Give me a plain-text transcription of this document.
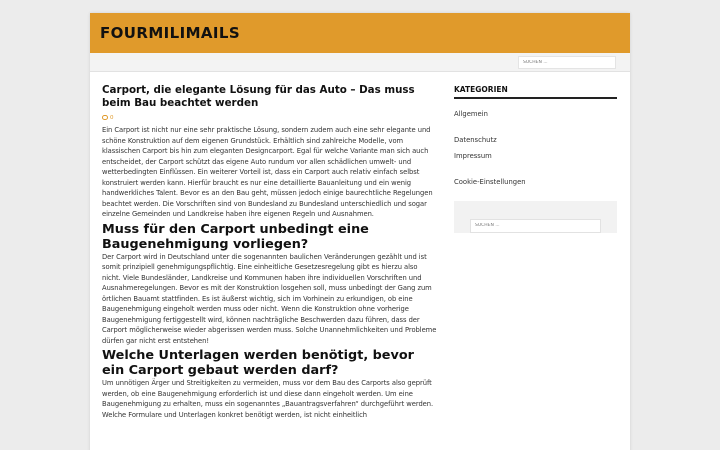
FOURMILIMAILS
SUCHEN ...
Carport, die elegante Lösung für das Auto – Das muss beim Bau beachtet werden
0

Ein Carport ist nicht nur eine sehr praktische Lösung, sondern zudem auch eine sehr elegante und schöne Konstruktion auf dem eigenen Grundstück. Erhältlich sind zahlreiche Modelle, vom klassischen Carport bis hin zum eleganten Designcarport. Egal für welche Variante man sich auch entscheidet, der Carport schützt das eigene Auto rundum vor allen schädlichen umwelt- und wetterbedingten Einflüssen. Ein weiterer Vorteil ist, dass ein Carport auch relativ einfach selbst konstruiert werden kann. Hierfür braucht es nur eine detaillierte Bauanleitung und ein wenig handwerkliches Talent. Bevor es an den Bau geht, müssen jedoch einige baurechtliche Regelungen beachtet werden. Die Vorschriften sind von Bundesland zu Bundesland unterschiedlich und sogar einzelne Gemeinden und Landkreise haben ihre eigenen Regeln und Ausnahmen.

Muss für den Carport unbedingt eine Baugenehmigung vorliegen?

Der Carport wird in Deutschland unter die sogenannten baulichen Veränderungen gezählt und ist somit prinzipiell genehmigungspflichtig. Eine einheitliche Gesetzesregelung gibt es hierzu also nicht. Viele Bundesländer, Landkreise und Kommunen haben ihre individuellen Vorschriften und Ausnahmeregelungen. Bevor es mit der Konstruktion losgehen soll, muss unbedingt der Gang zum örtlichen Bauamt stattfinden. Es ist äußerst wichtig, sich im Vorhinein zu erkundigen, ob eine Baugenehmigung eingeholt werden muss oder nicht. Wenn die Konstruktion ohne vorherige Baugenehmigung fertiggestellt wird, können nachträgliche Beschwerden dazu führen, dass der Carport möglicherweise wieder abgerissen werden muss. Solche Unannehmlichkeiten und Probleme dürfen gar nicht erst entstehen!

Welche Unterlagen werden benötigt, bevor ein Carport gebaut werden darf?

Um unnötigen Ärger und Streitigkeiten zu vermeiden, muss vor dem Bau des Carports also geprüft werden, ob eine Baugenehmigung erforderlich ist und diese dann eingeholt werden. Um eine Baugenehmigung zu erhalten, muss ein sogenanntes „Bauantragsverfahren“ durchgeführt werden. Welche Formulare und Unterlagen konkret benötigt werden, ist nicht einheitlich

KATEGORIEN
Allgemein
Datenschutz
Impressum
Cookie-Einstellungen
SUCHEN ...
